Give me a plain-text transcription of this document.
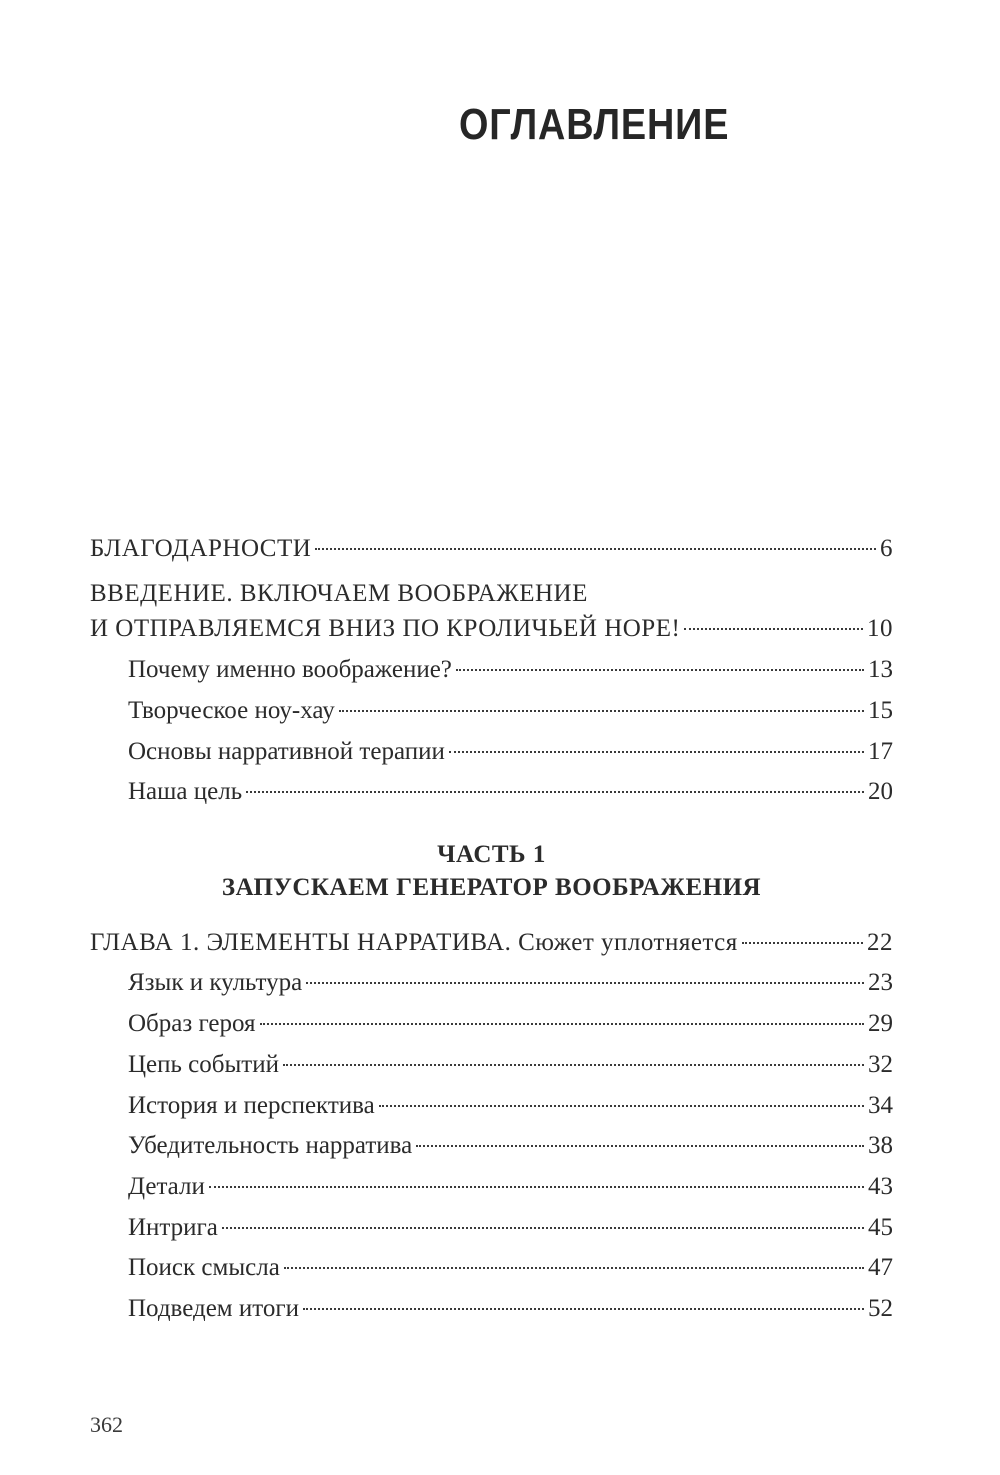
ОГЛАВЛЕНИЕ
БЛАГОДАРНОСТИ	6
ВВЕДЕНИЕ. ВКЛЮЧАЕМ ВООБРАЖЕНИЕ
И ОТПРАВЛЯЕМСЯ ВНИЗ ПО КРОЛИЧЬЕЙ НОРЕ!	10
Почему именно воображение?	13
Творческое ноу-хау	15
Основы нарративной терапии	17
Наша цель	20
ЧАСТЬ 1
ЗАПУСКАЕМ ГЕНЕРАТОР ВООБРАЖЕНИЯ
ГЛАВА 1. ЭЛЕМЕНТЫ НАРРАТИВА. Сюжет уплотняется	22
Язык и культура	23
Образ героя	29
Цепь событий	32
История и перспектива	34
Убедительность нарратива	38
Детали	43
Интрига	45
Поиск смысла	47
Подведем итоги	52
362
